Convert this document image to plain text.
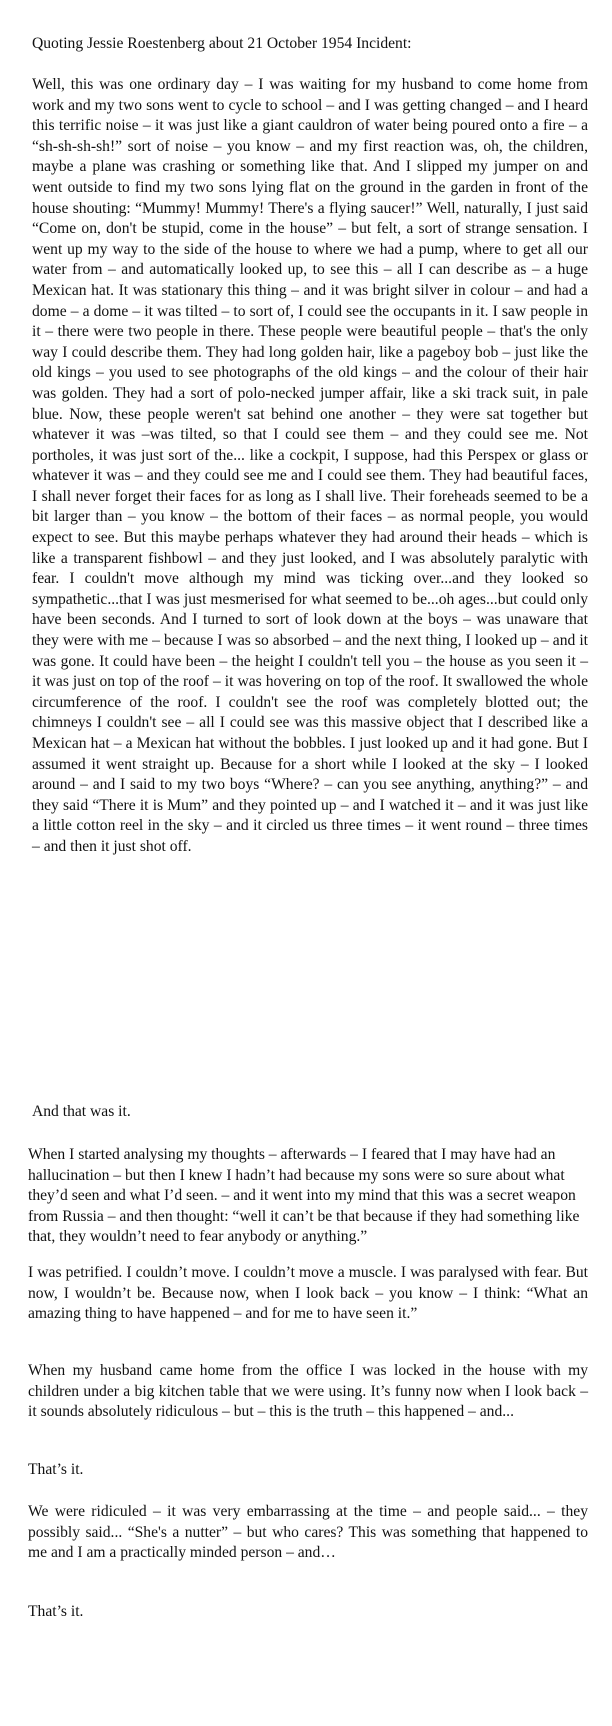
Quoting Jessie Roestenberg about 21 October 1954 Incident:

Well, this was one ordinary day – I was waiting for my husband to come home from work and my two sons went to cycle to school – and I was getting changed – and I heard this terrific noise – it was just like a giant cauldron of water being poured onto a fire – a “sh-sh-sh-sh!” sort of noise – you know – and my first reaction was, oh, the children, maybe a plane was crashing or something like that. And I slipped my jumper on and went outside to find my two sons lying flat on the ground in the garden in front of the house shouting: “Mummy! Mummy! There's a flying saucer!” Well, naturally, I just said “Come on, don't be stupid, come in the house” – but felt, a sort of strange sensation. I went up my way to the side of the house to where we had a pump, where to get all our water from – and automatically looked up, to see this – all I can describe as – a huge Mexican hat. It was stationary this thing – and it was bright silver in colour – and had a dome – a dome – it was tilted – to sort of, I could see the occupants in it. I saw people in it – there were two people in there. These people were beautiful people – that's the only way I could describe them. They had long golden hair, like a pageboy bob – just like the old kings – you used to see photographs of the old kings – and the colour of their hair was golden. They had a sort of polo-necked jumper affair, like a ski track suit, in pale blue. Now, these people weren't sat behind one another – they were sat together but whatever it was –was tilted, so that I could see them – and they could see me. Not portholes, it was just sort of the... like a cockpit, I suppose, had this Perspex or glass or whatever it was – and they could see me and I could see them. They had beautiful faces, I shall never forget their faces for as long as I shall live. Their foreheads seemed to be a bit larger than – you know – the bottom of their faces – as normal people, you would expect to see. But this maybe perhaps whatever they had around their heads – which is like a transparent fishbowl – and they just looked, and I was absolutely paralytic with fear. I couldn't move although my mind was ticking over...and they looked so sympathetic...that I was just mesmerised for what seemed to be...oh ages...but could only have been seconds. And I turned to sort of look down at the boys – was unaware that they were with me – because I was so absorbed – and the next thing, I looked up – and it was gone. It could have been – the height I couldn't tell you – the house as you seen it – it was just on top of the roof – it was hovering on top of the roof. It swallowed the whole circumference of the roof. I couldn't see the roof was completely blotted out; the chimneys I couldn't see – all I could see was this massive object that I described like a Mexican hat – a Mexican hat without the bobbles. I just looked up and it had gone. But I assumed it went straight up. Because for a short while I looked at the sky – I looked around – and I said to my two boys “Where? – can you see anything, anything?” – and they said “There it is Mum” and they pointed up – and I watched it – and it was just like a little cotton reel in the sky – and it circled us three times – it went round – three times – and then it just shot off.

And that was it.

When I started analysing my thoughts – afterwards – I feared that I may have had an hallucination – but then I knew I hadn’t had because my sons were so sure about what they’d seen and what I’d seen. – and it went into my mind that this was a secret weapon from Russia – and then thought: “well it can’t be that because if they had something like that, they wouldn’t need to fear anybody or anything.”

I was petrified. I couldn’t move. I couldn’t move a muscle. I was paralysed with fear. But now, I wouldn’t be. Because now, when I look back – you know – I think: “What an amazing thing to have happened – and for me to have seen it.”

When my husband came home from the office I was locked in the house with my children under a big kitchen table that we were using. It’s funny now when I look back – it sounds absolutely ridiculous – but – this is the truth – this happened – and...

That’s it.

We were ridiculed – it was very embarrassing at the time – and people said... – they possibly said... “She's a nutter” – but who cares? This was something that happened to me and I am a practically minded person – and…

That’s it.
